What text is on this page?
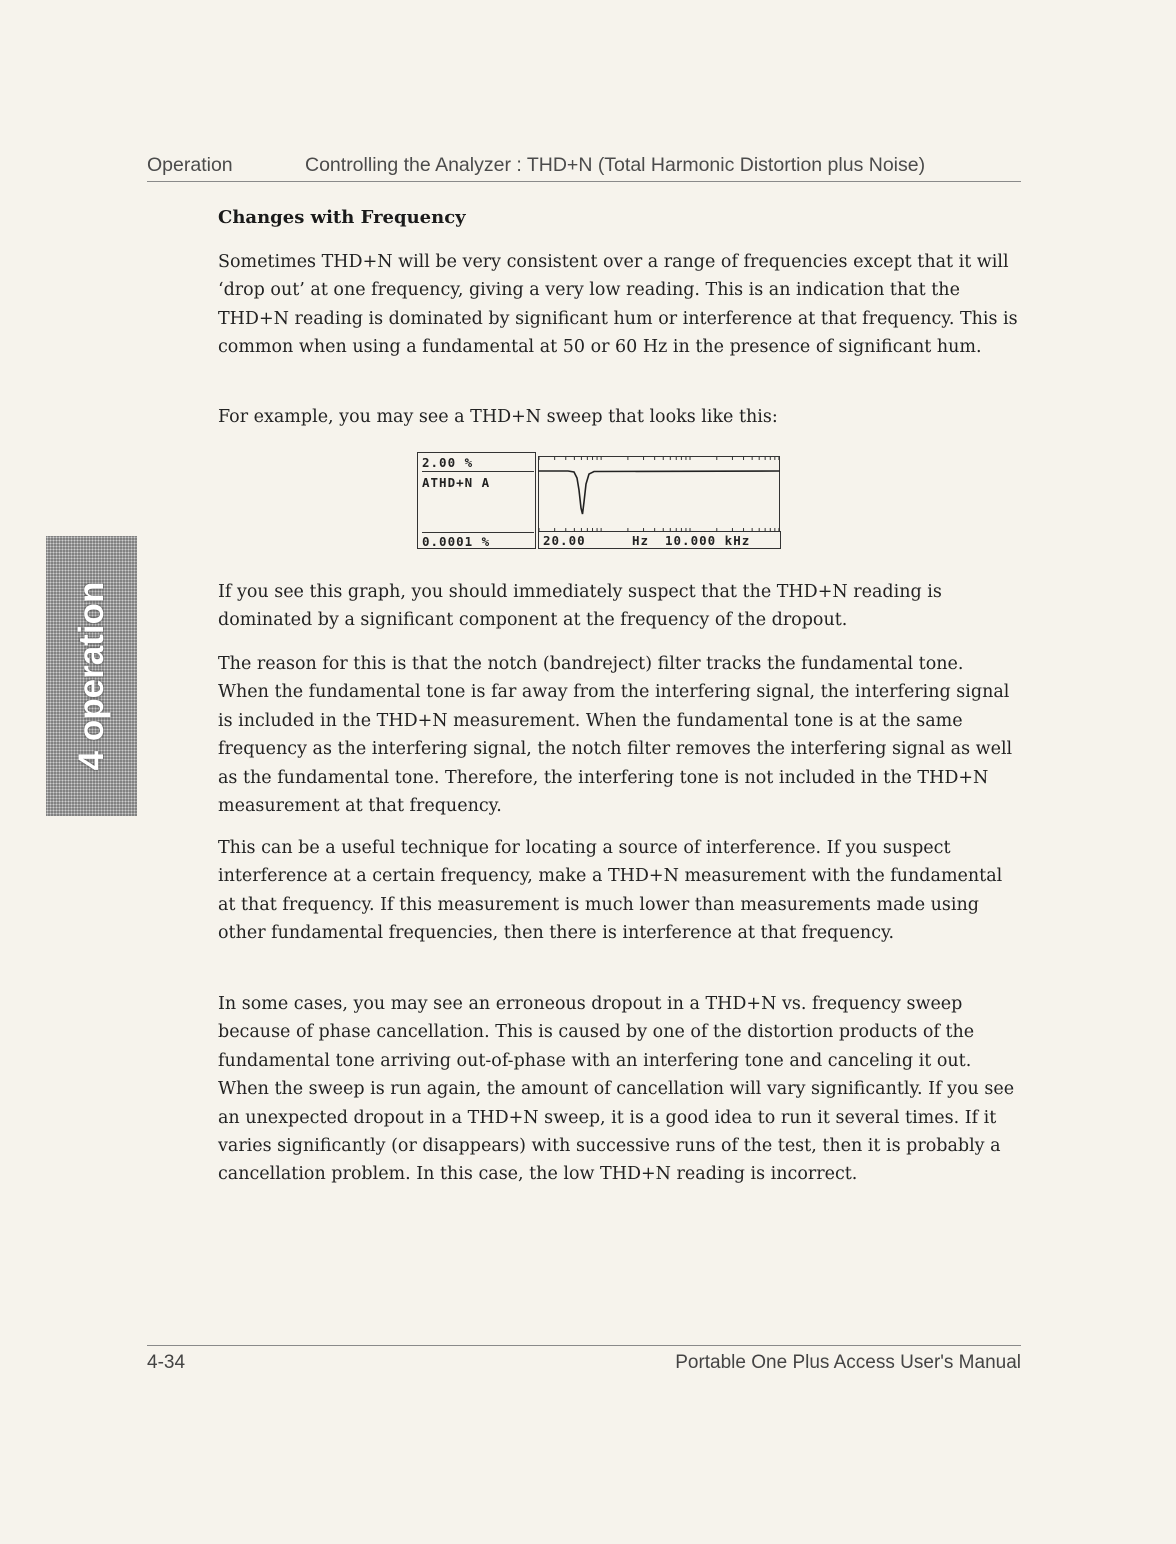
Operation	Controlling the Analyzer : THD+N (Total Harmonic Distortion plus Noise)
Changes with Frequency

Sometimes THD+N will be very consistent over a range of frequencies except that it will ‘drop out’ at one frequency, giving a very low reading. This is an indication that the THD+N reading is dominated by significant hum or interference at that frequency. This is common when using a fundamental at 50 or 60 Hz in the presence of significant hum.

For example, you may see a THD+N sweep that looks like this:

2.00 %
ATHD+N A
0.0001 %	20.00	Hz 10.000 kHz

If you see this graph, you should immediately suspect that the THD+N reading is dominated by a significant component at the frequency of the dropout.

The reason for this is that the notch (bandreject) filter tracks the fundamental tone. When the fundamental tone is far away from the interfering signal, the interfering signal is included in the THD+N measurement. When the fundamental tone is at the same frequency as the interfering signal, the notch filter removes the interfering signal as well as the fundamental tone. Therefore, the interfering tone is not included in the THD+N measurement at that frequency.

This can be a useful technique for locating a source of interference. If you suspect interference at a certain frequency, make a THD+N measurement with the fundamental at that frequency. If this measurement is much lower than measurements made using other fundamental frequencies, then there is interference at that frequency.

In some cases, you may see an erroneous dropout in a THD+N vs. frequency sweep because of phase cancellation. This is caused by one of the distortion products of the fundamental tone arriving out-of-phase with an interfering tone and canceling it out. When the sweep is run again, the amount of cancellation will vary significantly. If you see an unexpected dropout in a THD+N sweep, it is a good idea to run it several times. If it varies significantly (or disappears) with successive runs of the test, then it is probably a cancellation problem. In this case, the low THD+N reading is incorrect.

4 operation
4-34	Portable One Plus Access User's Manual
